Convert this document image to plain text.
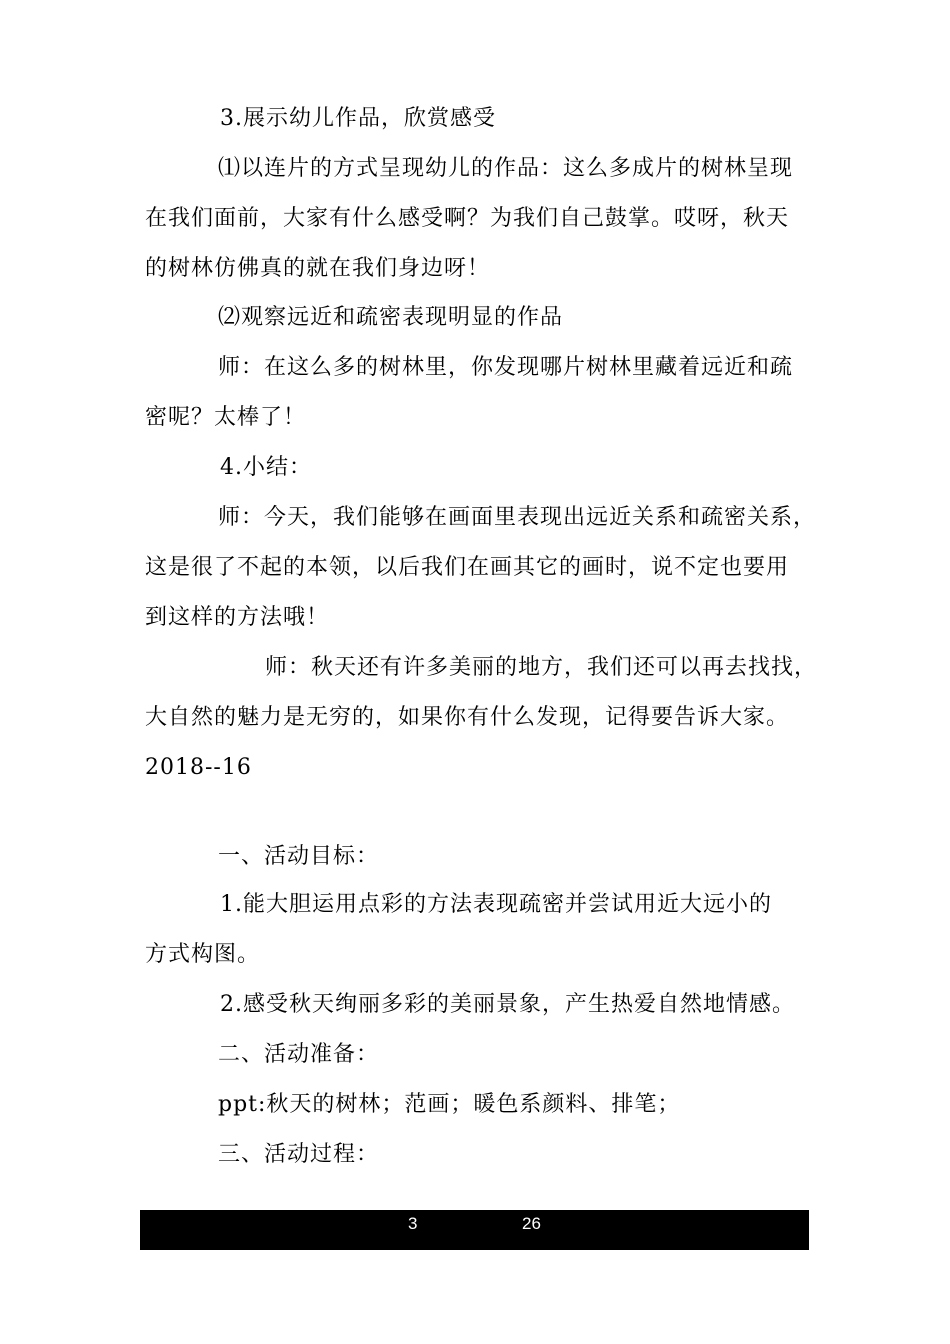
3.展示幼儿作品，欣赏感受
⑴以连片的方式呈现幼儿的作品：这么多成片的树林呈现
在我们面前，大家有什么感受啊？为我们自己鼓掌。哎呀，秋天
的树林仿佛真的就在我们身边呀！
⑵观察远近和疏密表现明显的作品
师：在这么多的树林里，你发现哪片树林里藏着远近和疏
密呢？太棒了！
4.小结：
师：今天，我们能够在画面里表现出远近关系和疏密关系，
这是很了不起的本领，以后我们在画其它的画时，说不定也要用
到这样的方法哦！
师：秋天还有许多美丽的地方，我们还可以再去找找，
大自然的魅力是无穷的，如果你有什么发现，记得要告诉大家。
2018--16
一、活动目标：
1.能大胆运用点彩的方法表现疏密并尝试用近大远小的
方式构图。
2.感受秋天绚丽多彩的美丽景象，产生热爱自然地情感。
二、活动准备：
ppt:秋天的树林；范画；暖色系颜料、排笔；
三、活动过程：
3	26
